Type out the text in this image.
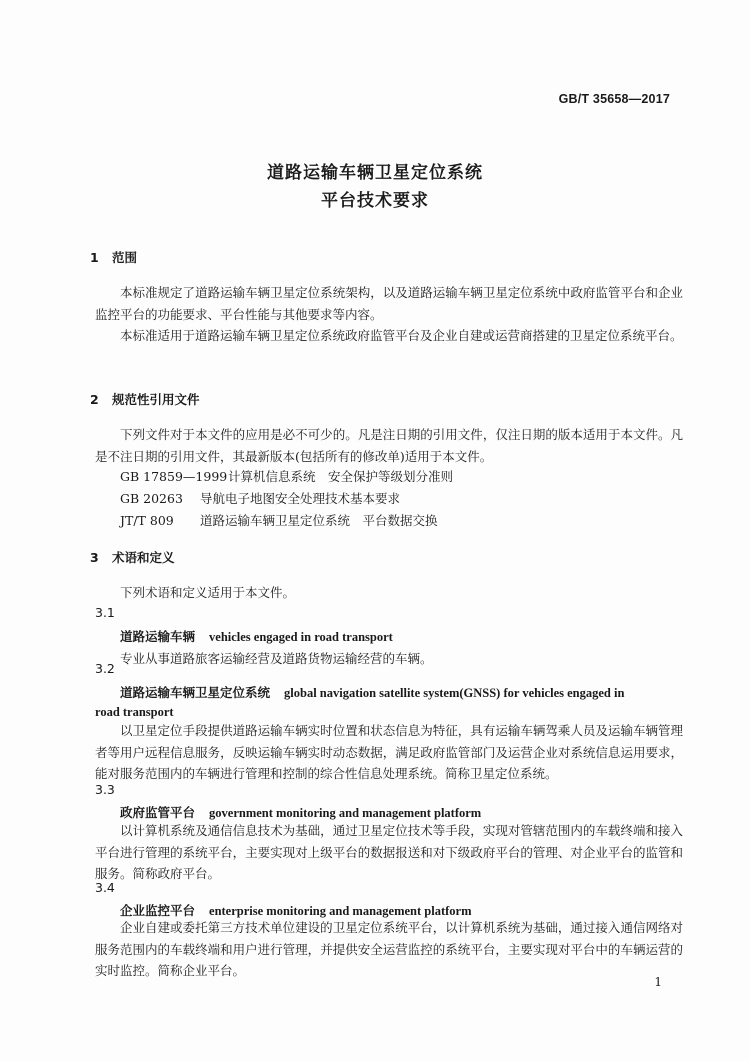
GB/T 35658—2017
道路运输车辆卫星定位系统
平台技术要求
1 范围
本标准规定了道路运输车辆卫星定位系统架构，以及道路运输车辆卫星定位系统中政府监管平台和企业监控平台的功能要求、平台性能与其他要求等内容。
本标准适用于道路运输车辆卫星定位系统政府监管平台及企业自建或运营商搭建的卫星定位系统平台。
2 规范性引用文件
下列文件对于本文件的应用是必不可少的。凡是注日期的引用文件，仅注日期的版本适用于本文件。凡是不注日期的引用文件，其最新版本(包括所有的修改单)适用于本文件。
GB 17859—1999计算机信息系统　安全保护等级划分准则
GB 20263 导航电子地图安全处理技术基本要求
JT/T 809 道路运输车辆卫星定位系统　平台数据交换
3 术语和定义
下列术语和定义适用于本文件。
3.1
道路运输车辆 vehicles engaged in road transport
专业从事道路旅客运输经营及道路货物运输经营的车辆。
3.2
道路运输车辆卫星定位系统 global navigation satellite system(GNSS) for vehicles engaged in
road transport
以卫星定位手段提供道路运输车辆实时位置和状态信息为特征，具有运输车辆驾乘人员及运输车辆管理者等用户远程信息服务，反映运输车辆实时动态数据，满足政府监管部门及运营企业对系统信息运用要求，能对服务范围内的车辆进行管理和控制的综合性信息处理系统。简称卫星定位系统。
3.3
政府监管平台 government monitoring and management platform
以计算机系统及通信信息技术为基础，通过卫星定位技术等手段，实现对管辖范围内的车载终端和接入平台进行管理的系统平台，主要实现对上级平台的数据报送和对下级政府平台的管理、对企业平台的监管和服务。简称政府平台。
3.4
企业监控平台 enterprise monitoring and management platform
企业自建或委托第三方技术单位建设的卫星定位系统平台，以计算机系统为基础，通过接入通信网络对服务范围内的车载终端和用户进行管理，并提供安全运营监控的系统平台，主要实现对平台中的车辆运营的实时监控。简称企业平台。
1
